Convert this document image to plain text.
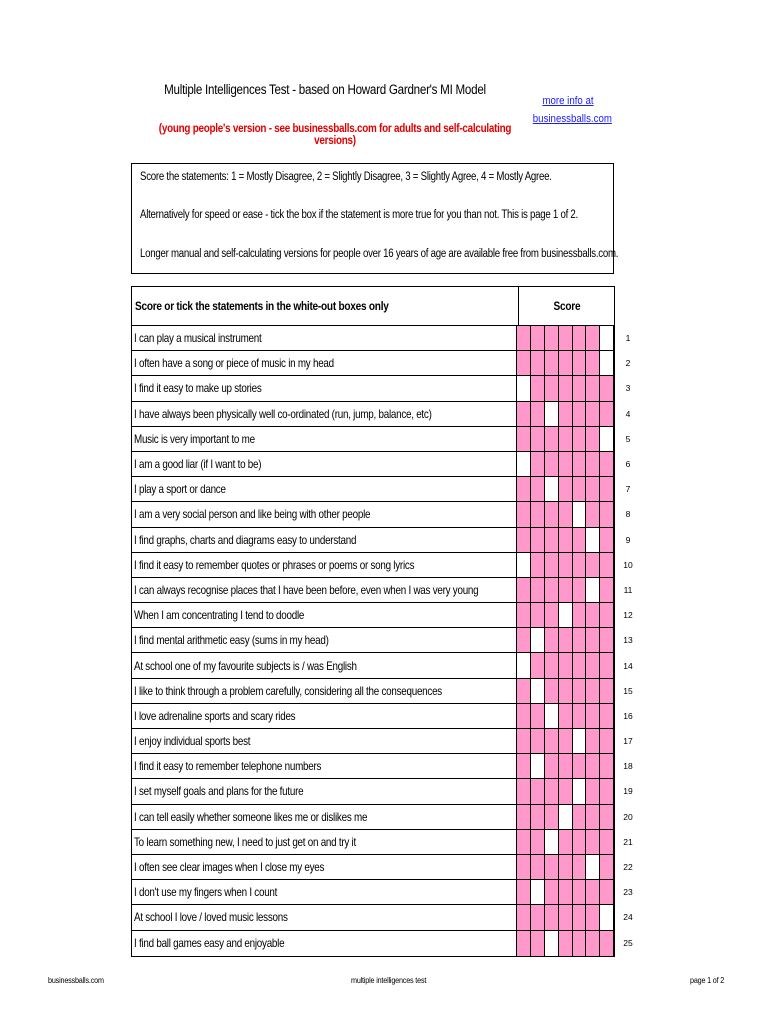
Multiple Intelligences Test - based on Howard Gardner's MI Model
(young people's version - see businessballs.com for adults and self-calculating versions)
more info at
businessballs.com

Score the statements: 1 = Mostly Disagree, 2 = Slightly Disagree, 3 = Slightly Agree, 4 = Mostly Agree.

Alternatively for speed or ease - tick the box if the statement is more true for you than not. This is page 1 of 2.

Longer manual and self-calculating versions for people over 16 years of age are available free from businessballs.com.

Score or tick the statements in the white-out boxes only	Score
I can play a musical instrument	1
I often have a song or piece of music in my head	2
I find it easy to make up stories	3
I have always been physically well co-ordinated (run, jump, balance, etc)	4
Music is very important to me	5
I am a good liar (if I want to be)	6
I play a sport or dance	7
I am a very social person and like being with other people	8
I find graphs, charts and diagrams easy to understand	9
I find it easy to remember quotes or phrases or poems or song lyrics	10
I can always recognise places that I have been before, even when I was very young	11
When I am concentrating I tend to doodle	12
I find mental arithmetic easy (sums in my head)	13
At school one of my favourite subjects is / was English	14
I like to think through a problem carefully, considering all the consequences	15
I love adrenaline sports and scary rides	16
I enjoy individual sports best	17
I find it easy to remember telephone numbers	18
I set myself goals and plans for the future	19
I can tell easily whether someone likes me or dislikes me	20
To learn something new, I need to just get on and try it	21
I often see clear images when I close my eyes	22
I don't use my fingers when I count	23
At school I love / loved music lessons	24
I find ball games easy and enjoyable	25
businessballs.com	multiple intelligences test	page 1 of 2
